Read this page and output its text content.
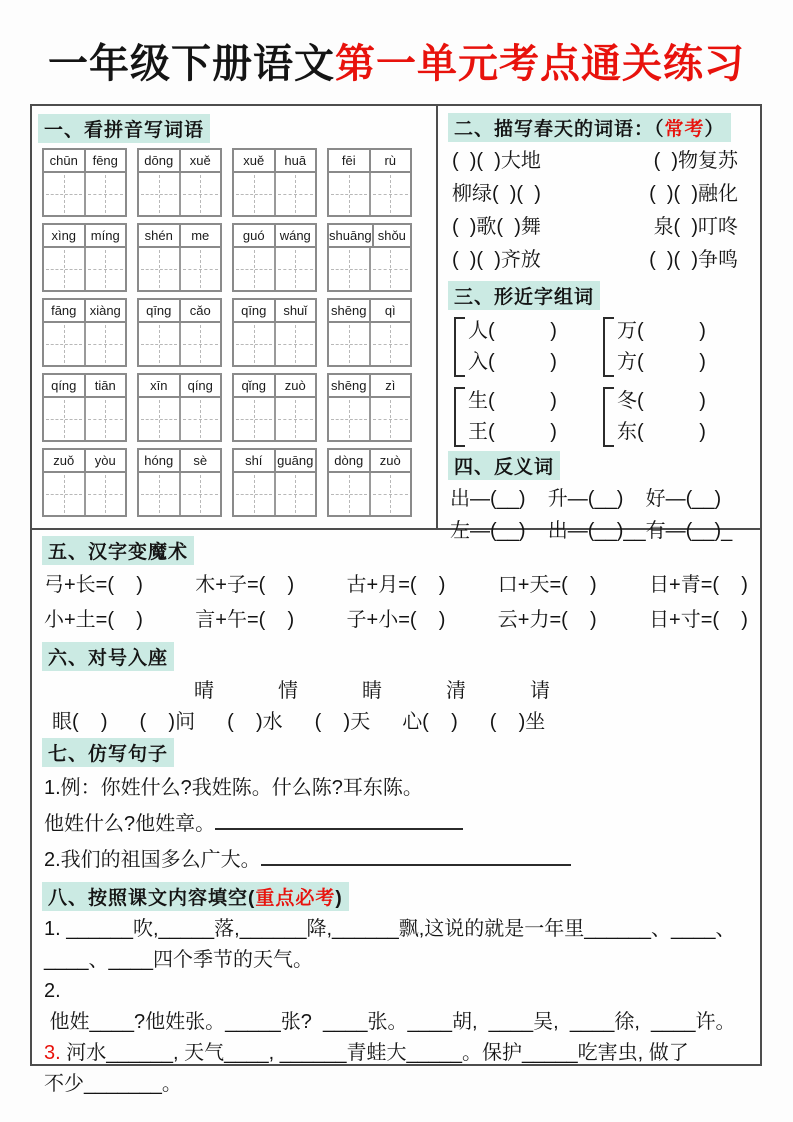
一年级下册语文第一单元考点通关练习
一、看拼音写词语
chūn	fēng	dōng	xuě	xuě	huā	fēi	rù
xìng	míng	shén	me	guó	wáng	shuāng shǒu
fāng	xiàng	qīng	cǎo	qīng	shuǐ	shēng	qì
qíng	tiān	xīn	qíng	qǐng	zuò	shēng	zì
zuǒ	yòu	hóng	sè	shí	guāng	dòng	zuò
二、描写春天的词语：（常考）
(  )(  )大地	(  )物复苏
柳绿(  )(  )	(  )(  )融化
(  )歌(  )舞	泉(  )叮咚
(  )(  )齐放	(  )(  )争鸣
三、形近字组词
人(          )
入(          )
万(          )
方(          )
生(          )
王(          )
冬(          )
东(          )
四、反义词
出—(__)    升—(__)    好—(__)
左—(__)    出—(__)__有—(__)_
五、汉字变魔术
弓+长=(    )	木+子=(    )	古+月=(    )	口+天=(    )	日+青=(    )
小+土=(    )	言+午=(    )	子+小=(    )	云+力=(    )	日+寸=(    )
六、对号入座
晴	情	睛	清	请
眼(    ) (    )问 (    )水 (    )天 心(    ) (    )坐
七、仿写句子
1.例：你姓什么?我姓陈。什么陈?耳东陈。
他姓什么?他姓章。
2.我们的祖国多么广大。
八、按照课文内容填空(重点必考)
1. ______吹,_____落,______降,______飘,这说的就是一年里______、____、
____、____四个季节的天气。
2. 他姓____?他姓张。_____张?  ____张。____胡,  ____吴,  ____徐,  ____许。
3. 河水______, 天气____, ______青蛙大_____。保护_____吃害虫, 做了
不少_______。
